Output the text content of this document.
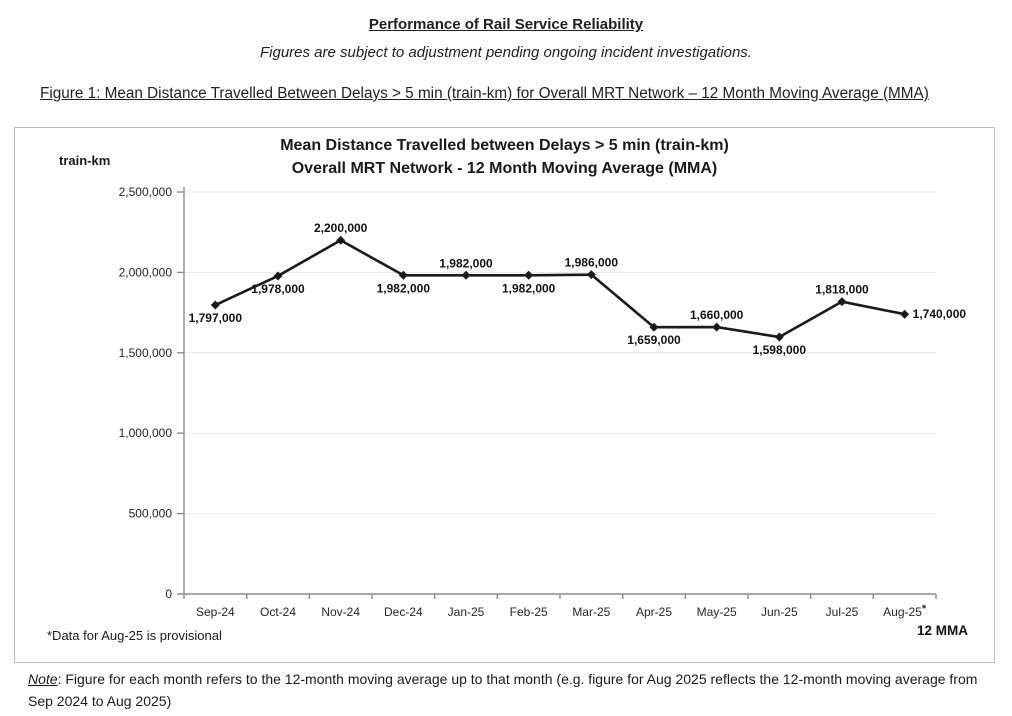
Performance of Rail Service Reliability
Figures are subject to adjustment pending ongoing incident investigations.
Figure 1: Mean Distance Travelled Between Delays > 5 min (train-km) for Overall MRT Network – 12 Month Moving Average (MMA)
0
500,000
1,000,000
1,500,000
2,000,000
2,500,000
Sep-24 Oct-24 Nov-24 Dec-24 Jan-25 Feb-25 Mar-25 Apr-25 May-25 Jun-25 Jul-25 Aug-25*
1,797,000
1,978,000
2,200,000
1,982,000
1,982,000
1,982,000
1,986,000
1,659,000
1,660,000
1,598,000
1,818,000
1,740,000
Mean Distance Travelled between Delays > 5 min (train-km)
Overall MRT Network - 12 Month Moving Average (MMA)
train-km
*Data for Aug-25 is provisional	12 MMA
Note: Figure for each month refers to the 12-month moving average up to that month (e.g. figure for Aug 2025 reflects the 12-month moving average from Sep 2024 to Aug 2025)
